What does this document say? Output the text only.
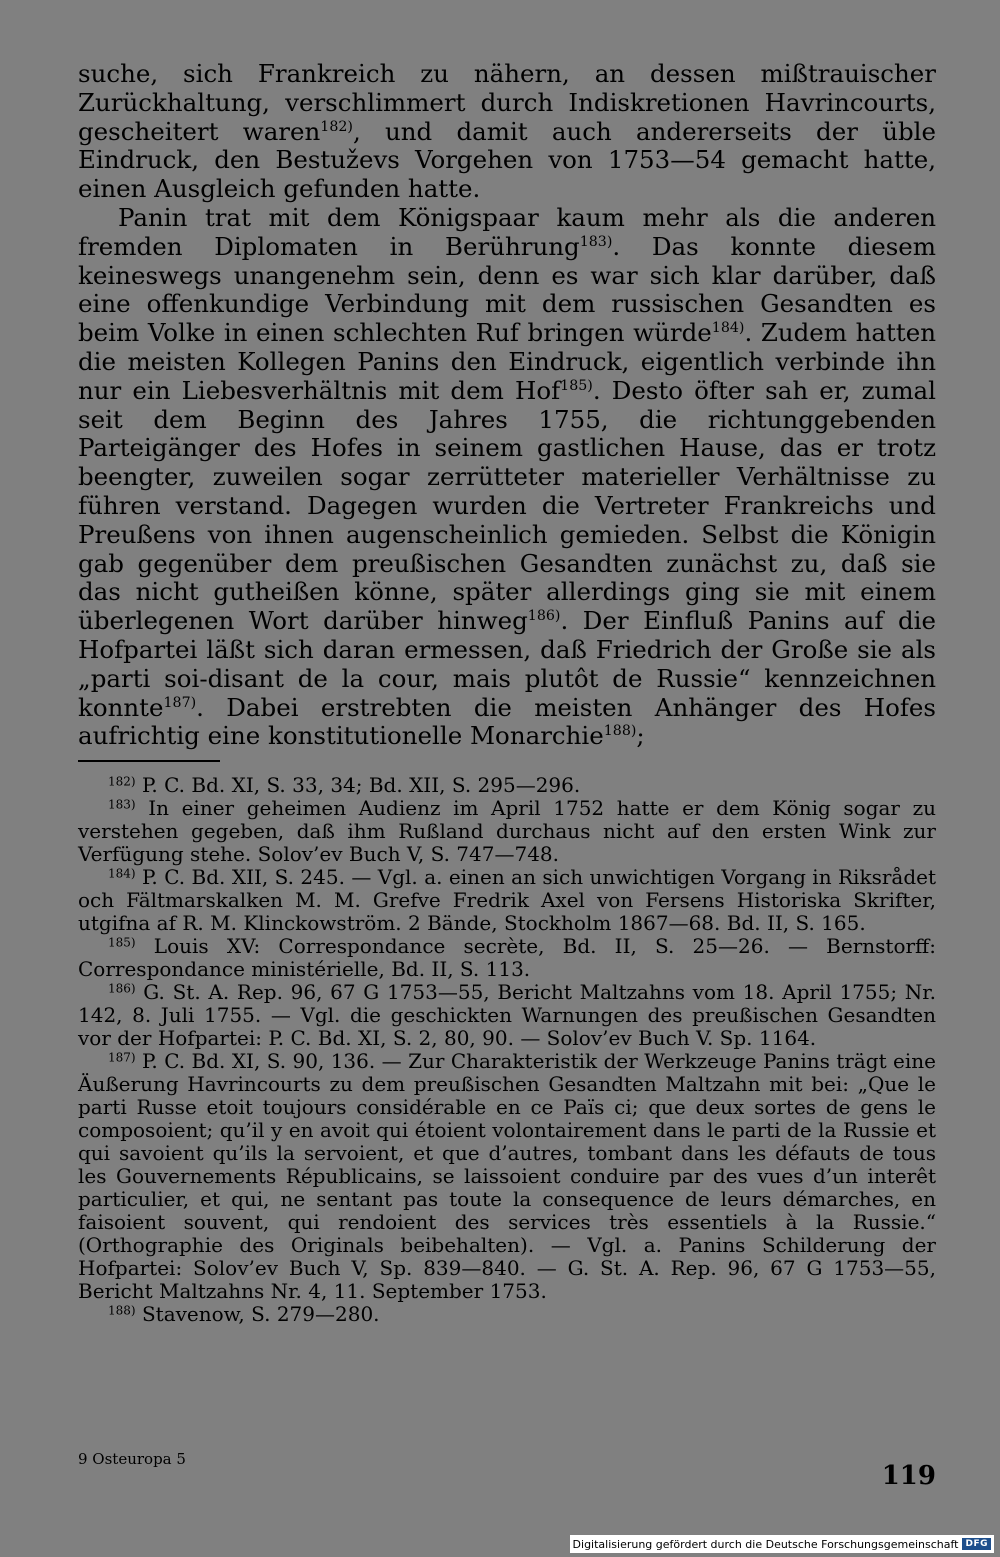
suche, sich Frankreich zu nähern, an dessen mißtrauischer Zurückhaltung, verschlimmert durch Indiskretionen Havrincourts, gescheitert waren$^{182)}$, und damit auch andererseits der üble Eindruck, den Bestuževs Vorgehen von 1753—54 gemacht hatte, einen Ausgleich gefunden hatte.

Panin trat mit dem Königspaar kaum mehr als die anderen fremden Diplomaten in Berührung$^{183)}$. Das konnte diesem keineswegs unangenehm sein, denn es war sich klar darüber, daß eine offenkundige Verbindung mit dem russischen Gesandten es beim Volke in einen schlechten Ruf bringen würde$^{184)}$. Zudem hatten die meisten Kollegen Panins den Eindruck, eigentlich verbinde ihn nur ein Liebesverhältnis mit dem Hof$^{185)}$. Desto öfter sah er, zumal seit dem Beginn des Jahres 1755, die richtunggebenden Parteigänger des Hofes in seinem gastlichen Hause, das er trotz beengter, zuweilen sogar zerrütteter materieller Verhältnisse zu führen verstand. Dagegen wurden die Vertreter Frankreichs und Preußens von ihnen augenscheinlich gemieden. Selbst die Königin gab gegenüber dem preußischen Gesandten zunächst zu, daß sie das nicht gutheißen könne, später allerdings ging sie mit einem überlegenen Wort darüber hinweg$^{186)}$. Der Einfluß Panins auf die Hofpartei läßt sich daran ermessen, daß Friedrich der Große sie als „parti soi-disant de la cour, mais plutôt de Russie“ kennzeichnen konnte$^{187)}$. Dabei erstrebten die meisten Anhänger des Hofes aufrichtig eine konstitutionelle Monarchie$^{188)}$;

$^{182)}$ P. C. Bd. XI, S. 33, 34; Bd. XII, S. 295—296.

$^{183)}$ In einer geheimen Audienz im April 1752 hatte er dem König sogar zu verstehen gegeben, daß ihm Rußland durchaus nicht auf den ersten Wink zur Verfügung stehe. Solov’ev Buch V, S. 747—748.

$^{184)}$ P. C. Bd. XII, S. 245. — Vgl. a. einen an sich unwichtigen Vorgang in Riksrådet och Fältmarskalken M. M. Grefve Fredrik Axel von Fersens Historiska Skrifter, utgifna af R. M. Klinckowström. 2 Bände, Stockholm 1867—68. Bd. II, S. 165.

$^{185)}$ Louis XV: Correspondance secrète, Bd. II, S. 25—26. — Bernstorff: Correspondance ministérielle, Bd. II, S. 113.

$^{186)}$ G. St. A. Rep. 96, 67 G 1753—55, Bericht Maltzahns vom 18. April 1755; Nr. 142, 8. Juli 1755. — Vgl. die geschickten Warnungen des preußischen Gesandten vor der Hofpartei: P. C. Bd. XI, S. 2, 80, 90. — Solov’ev Buch V. Sp. 1164.

$^{187)}$ P. C. Bd. XI, S. 90, 136. — Zur Charakteristik der Werkzeuge Panins trägt eine Äußerung Havrincourts zu dem preußischen Gesandten Maltzahn mit bei: „Que le parti Russe etoit toujours considérable en ce Païs ci; que deux sortes de gens le composoient; qu’il y en avoit qui étoient volontairement dans le parti de la Russie et qui savoient qu’ils la servoient, et que d’autres, tombant dans les défauts de tous les Gouvernements Républicains, se laissoient conduire par des vues d’un interêt particulier, et qui, ne sentant pas toute la consequence de leurs démarches, en faisoient souvent, qui rendoient des services très essentiels à la Russie.“ (Orthographie des Originals beibehalten). — Vgl. a. Panins Schilderung der Hofpartei: Solov’ev Buch V, Sp. 839—840. — G. St. A. Rep. 96, 67 G 1753—55, Bericht Maltzahns Nr. 4, 11. September 1753.

$^{188)}$ Stavenow, S. 279—280.

9 Osteuropa 5
119
Digitalisierung gefördert durch die Deutsche Forschungsgemeinschaft DFG
